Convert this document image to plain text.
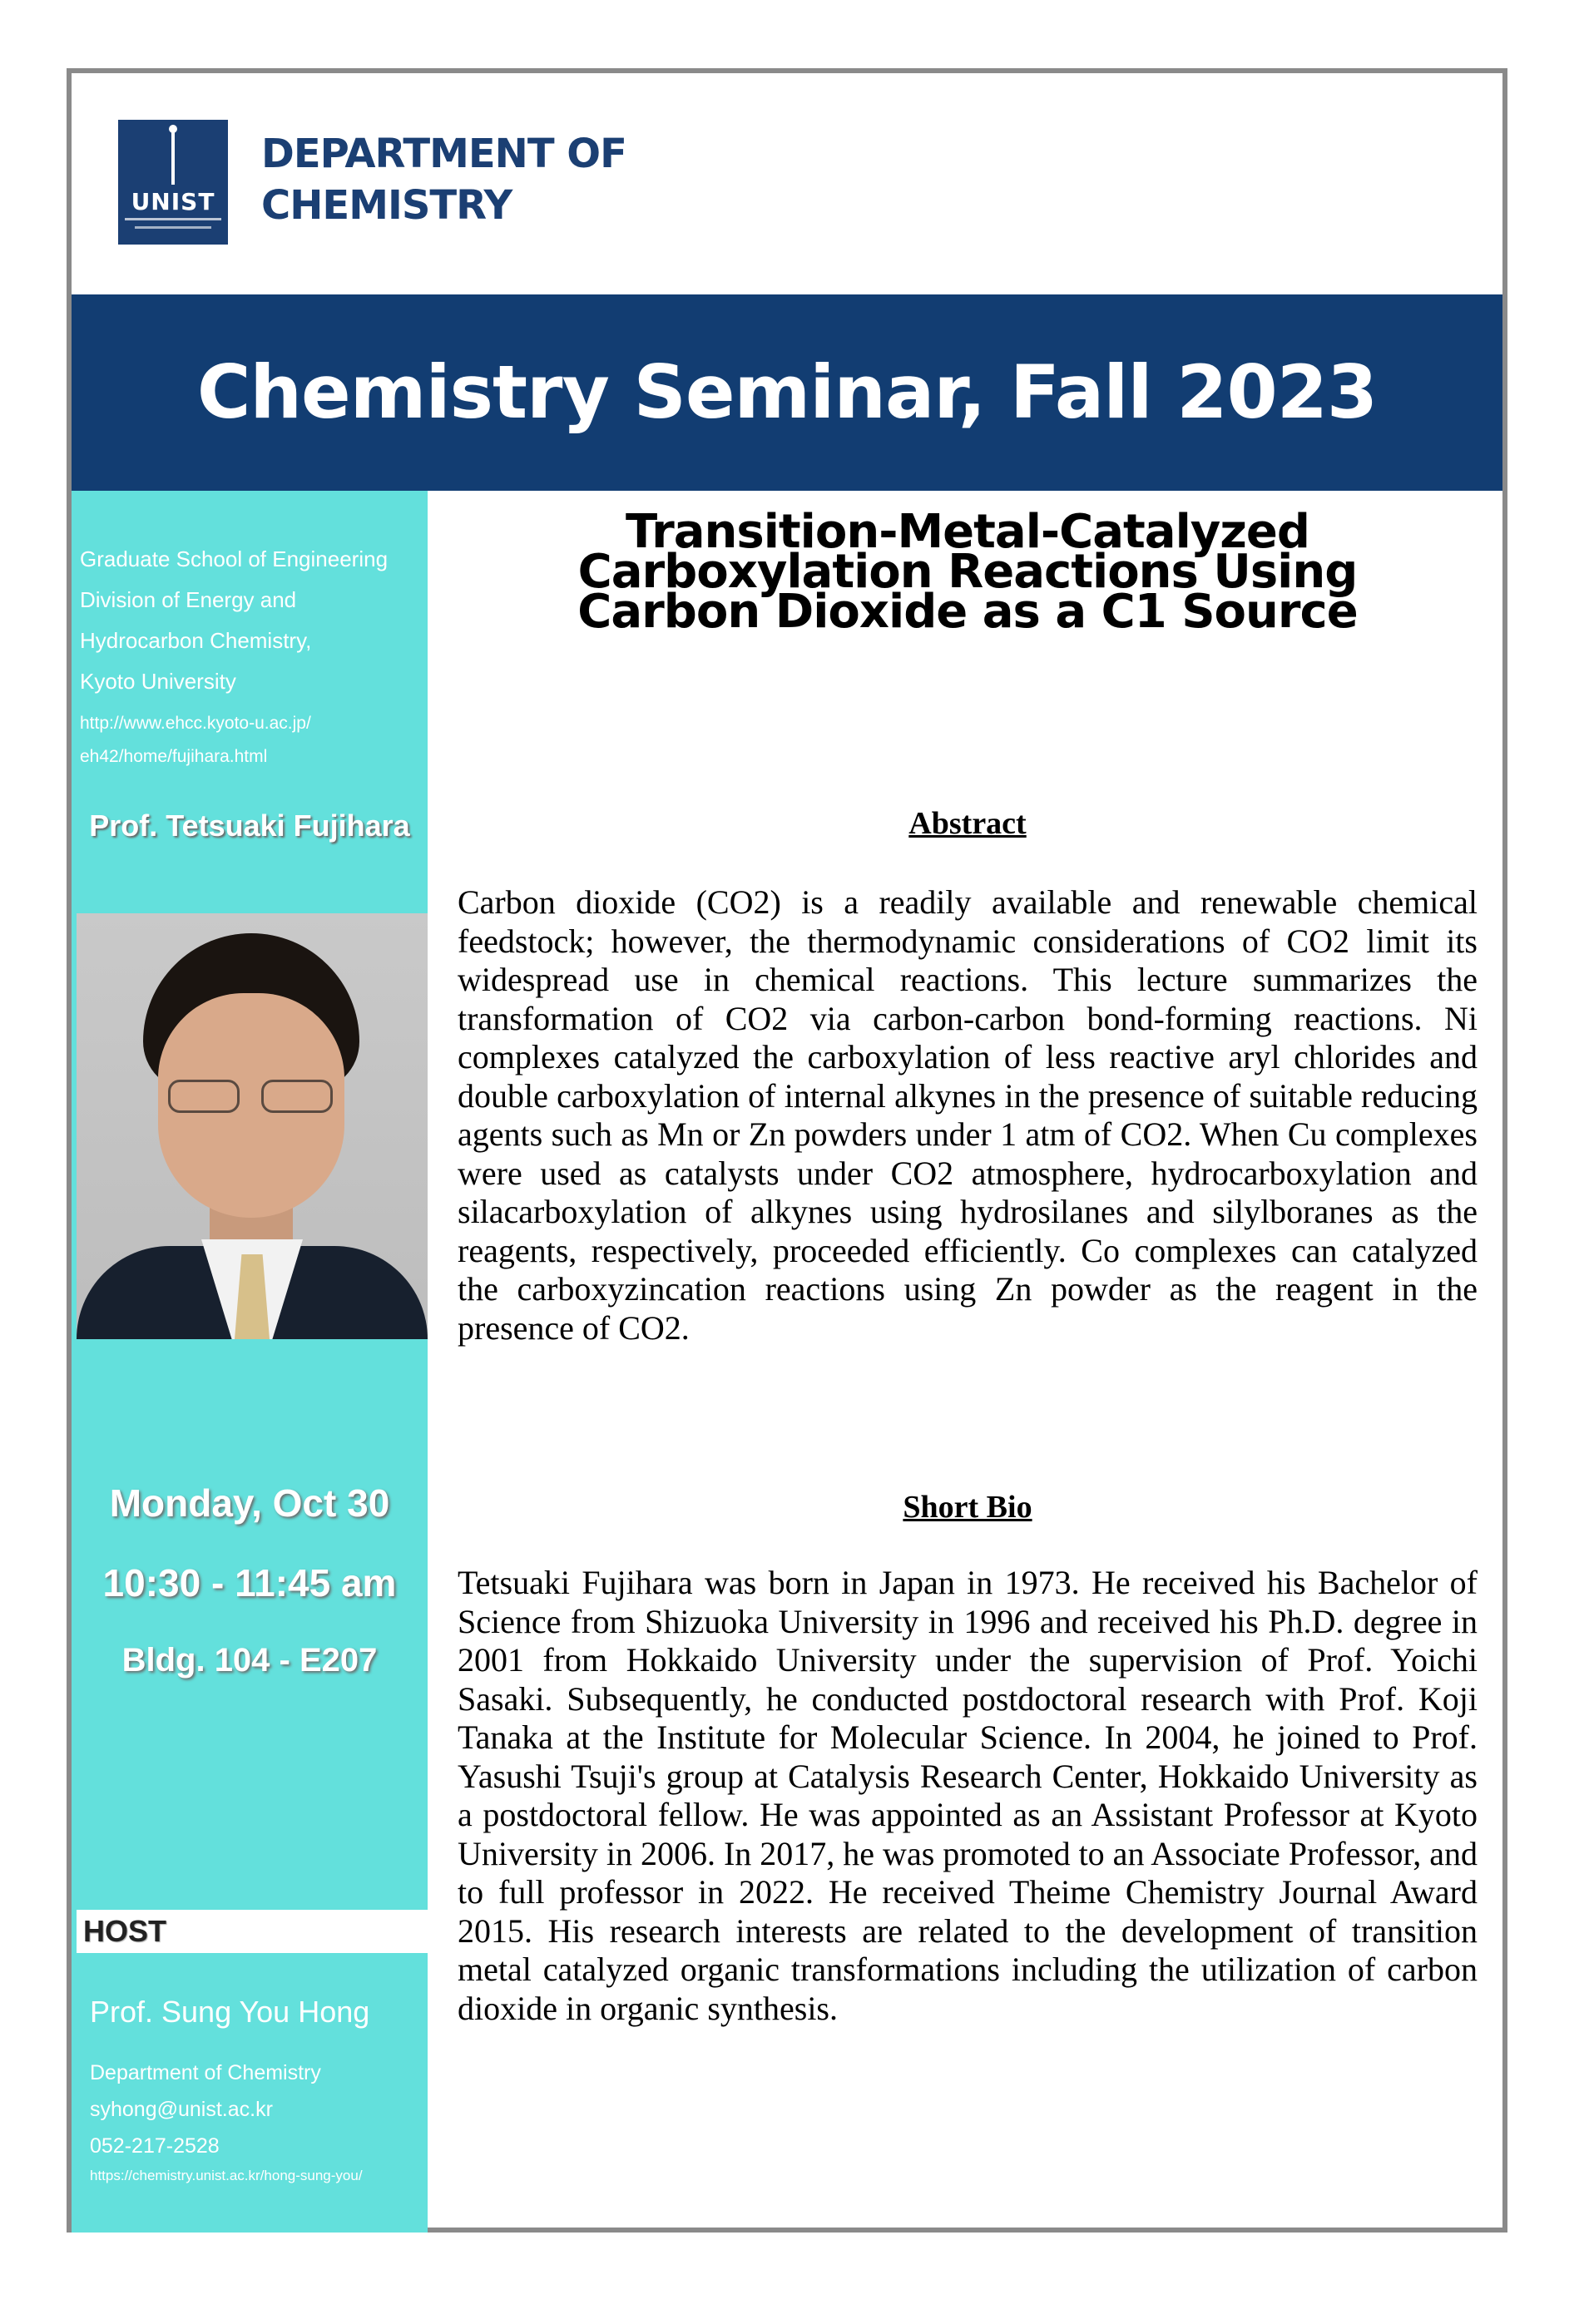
UNIST
DEPARTMENT OF
CHEMISTRY
Chemistry Seminar, Fall 2023
Graduate School of Engineering
Division of Energy and
Hydrocarbon Chemistry,
Kyoto University
http://www.ehcc.kyoto-u.ac.jp/
eh42/home/fujihara.html
Prof. Tetsuaki Fujihara
Monday, Oct 30
10:30 - 11:45 am
Bldg. 104 - E207
HOST
Prof. Sung You Hong
Department of Chemistry
syhong@unist.ac.kr
052-217-2528
https://chemistry.unist.ac.kr/hong-sung-you/
Transition-Metal-Catalyzed
Carboxylation Reactions Using
Carbon Dioxide as a C1 Source
Abstract
Carbon dioxide (CO2) is a readily available and renewable chemical feedstock; however, the thermodynamic considerations of CO2 limit its widespread use in chemical reactions. This lecture summarizes the transformation of CO2 via carbon-carbon bond-forming reactions. Ni complexes catalyzed the carboxylation of less reactive aryl chlorides and double carboxylation of internal alkynes in the presence of suitable reducing agents such as Mn or Zn powders under 1 atm of CO2. When Cu complexes were used as catalysts under CO2 atmosphere, hydrocarboxylation and silacarboxylation of alkynes using hydrosilanes and silylboranes as the reagents, respectively, proceeded efficiently. Co complexes can catalyzed the carboxyzincation reactions using Zn powder as the reagent in the presence of CO2.
Short Bio
Tetsuaki Fujihara was born in Japan in 1973. He received his Bachelor of Science from Shizuoka University in 1996 and received his Ph.D. degree in 2001 from Hokkaido University under the supervision of Prof. Yoichi Sasaki. Subsequently, he conducted postdoctoral research with Prof. Koji Tanaka at the Institute for Molecular Science. In 2004, he joined to Prof. Yasushi Tsuji's group at Catalysis Research Center, Hokkaido University as a postdoctoral fellow. He was appointed as an Assistant Professor at Kyoto University in 2006. In 2017, he was promoted to an Associate Professor, and to full professor in 2022. He received Theime Chemistry Journal Award 2015. His research interests are related to the development of transition metal catalyzed organic transformations including the utilization of carbon dioxide in organic synthesis.
